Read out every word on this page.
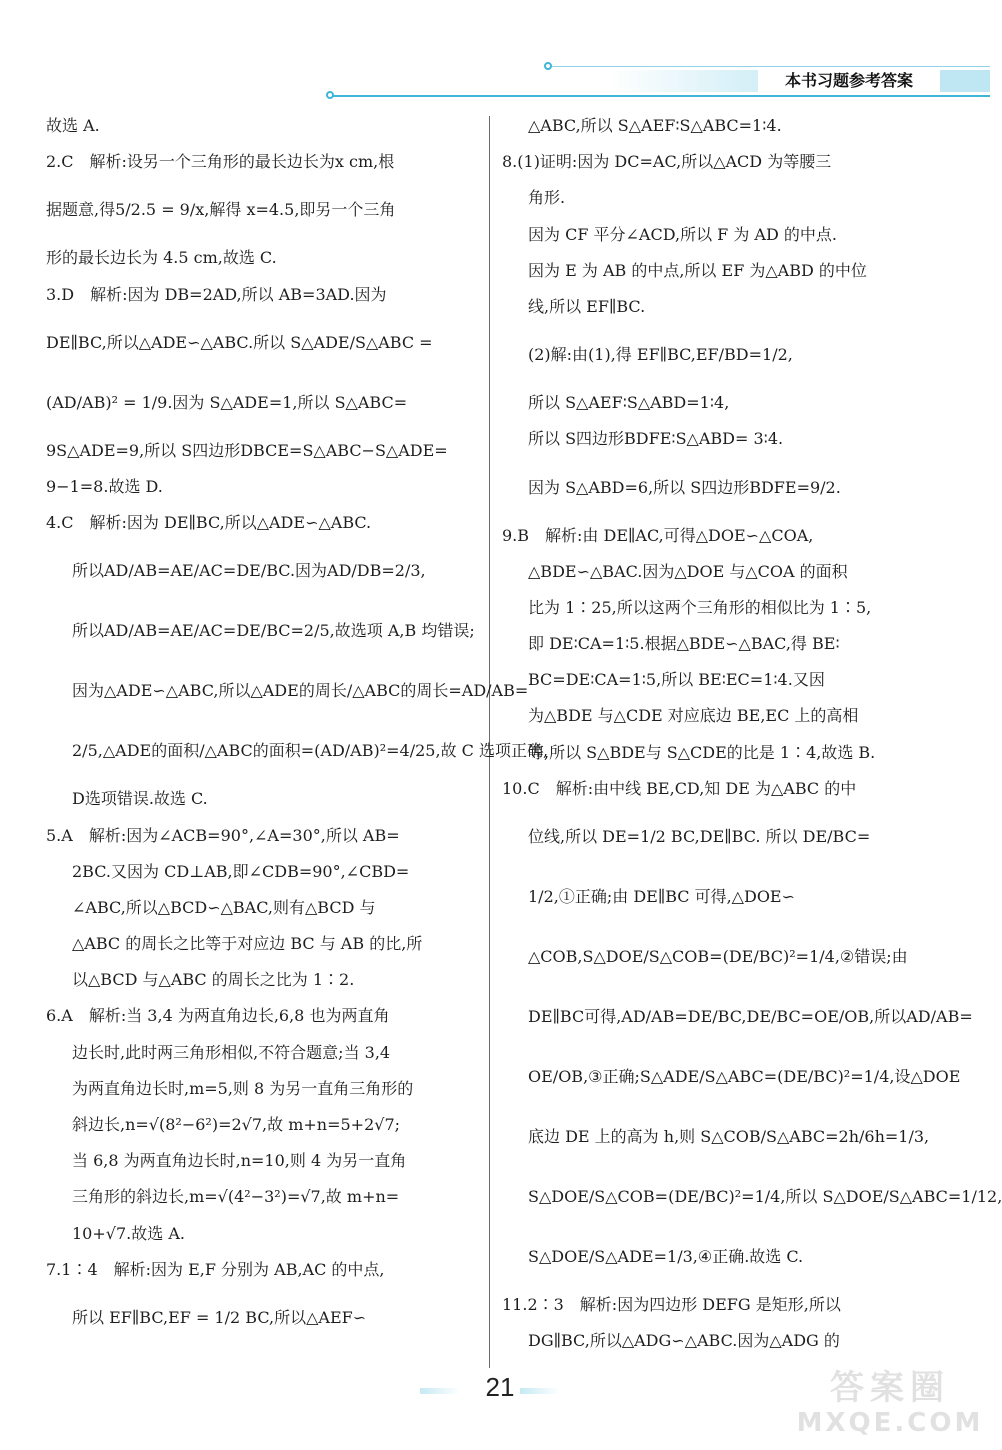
本书习题参考答案
故选 A.
2.C　解析:设另一个三角形的最长边长为x cm,根
据题意,得5/2.5 = 9/x,解得 x=4.5,即另一个三角
形的最长边长为 4.5 cm,故选 C.
3.D　解析:因为 DB=2AD,所以 AB=3AD.因为
DE∥BC,所以△ADE∽△ABC.所以 S△ADE/S△ABC =
(AD/AB)² = 1/9.因为 S△ADE=1,所以 S△ABC=
9S△ADE=9,所以 S四边形DBCE=S△ABC−S△ADE=
9−1=8.故选 D.
4.C　解析:因为 DE∥BC,所以△ADE∽△ABC.
所以AD/AB=AE/AC=DE/BC.因为AD/DB=2/3,
所以AD/AB=AE/AC=DE/BC=2/5,故选项 A,B 均错误;
因为△ADE∽△ABC,所以△ADE的周长/△ABC的周长=AD/AB=
2/5,△ADE的面积/△ABC的面积=(AD/AB)²=4/25,故 C 选项正确,
D选项错误.故选 C.
5.A　解析:因为∠ACB=90°,∠A=30°,所以 AB=
2BC.又因为 CD⊥AB,即∠CDB=90°,∠CBD=
∠ABC,所以△BCD∽△BAC,则有△BCD 与
△ABC 的周长之比等于对应边 BC 与 AB 的比,所
以△BCD 与△ABC 的周长之比为 1∶2.
6.A　解析:当 3,4 为两直角边长,6,8 也为两直角
边长时,此时两三角形相似,不符合题意;当 3,4
为两直角边长时,m=5,则 8 为另一直角三角形的
斜边长,n=√(8²−6²)=2√7,故 m+n=5+2√7;
当 6,8 为两直角边长时,n=10,则 4 为另一直角
三角形的斜边长,m=√(4²−3²)=√7,故 m+n=
10+√7.故选 A.
7.1∶4　解析:因为 E,F 分别为 AB,AC 的中点,
所以 EF∥BC,EF = 1/2 BC,所以△AEF∽
△ABC,所以 S△AEF∶S△ABC=1∶4.
8.(1)证明:因为 DC=AC,所以△ACD 为等腰三
角形.
因为 CF 平分∠ACD,所以 F 为 AD 的中点.
因为 E 为 AB 的中点,所以 EF 为△ABD 的中位
线,所以 EF∥BC.
(2)解:由(1),得 EF∥BC,EF/BD=1/2,
所以 S△AEF∶S△ABD=1∶4,
所以 S四边形BDFE∶S△ABD= 3∶4.
因为 S△ABD=6,所以 S四边形BDFE=9/2.
9.B　解析:由 DE∥AC,可得△DOE∽△COA,
△BDE∽△BAC.因为△DOE 与△COA 的面积
比为 1∶25,所以这两个三角形的相似比为 1∶5,
即 DE∶CA=1∶5.根据△BDE∽△BAC,得 BE∶
BC=DE∶CA=1∶5,所以 BE∶EC=1∶4.又因
为△BDE 与△CDE 对应底边 BE,EC 上的高相
等,所以 S△BDE与 S△CDE的比是 1∶4,故选 B.
10.C　解析:由中线 BE,CD,知 DE 为△ABC 的中
位线,所以 DE=1/2 BC,DE∥BC. 所以 DE/BC=
1/2,①正确;由 DE∥BC 可得,△DOE∽
△COB,S△DOE/S△COB=(DE/BC)²=1/4,②错误;由
DE∥BC可得,AD/AB=DE/BC,DE/BC=OE/OB,所以AD/AB=
OE/OB,③正确;S△ADE/S△ABC=(DE/BC)²=1/4,设△DOE
底边 DE 上的高为 h,则 S△COB/S△ABC=2h/6h=1/3,
S△DOE/S△COB=(DE/BC)²=1/4,所以 S△DOE/S△ABC=1/12,
S△DOE/S△ADE=1/3,④正确.故选 C.
11.2∶3　解析:因为四边形 DEFG 是矩形,所以
DG∥BC,所以△ADG∽△ABC.因为△ADG 的
21	答案圈
MXQE.COM
